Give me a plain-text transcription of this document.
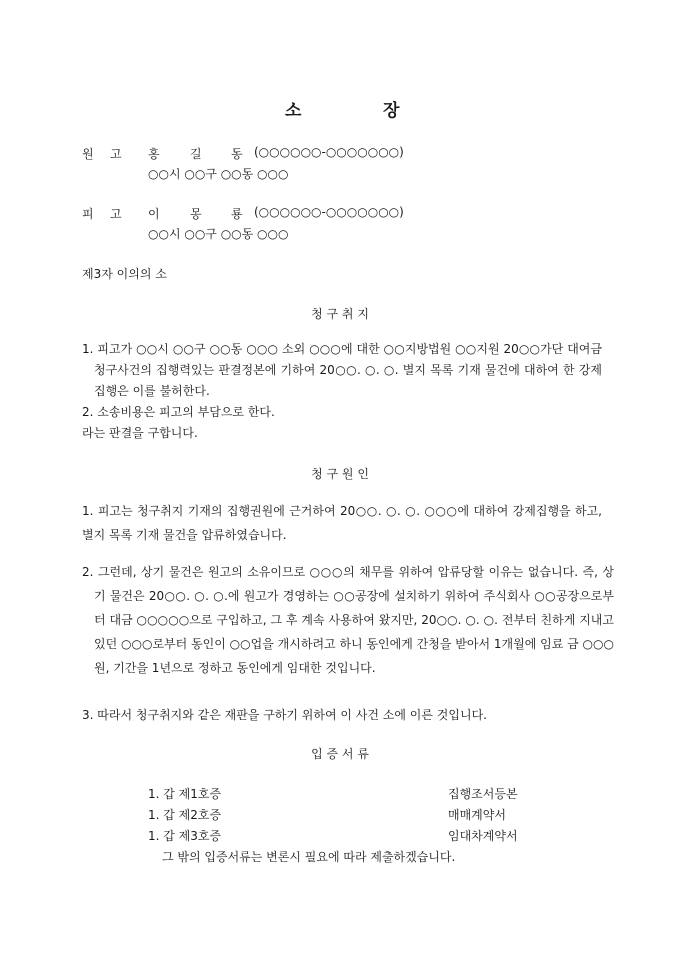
소	장
원 고 홍	길 동 (○○○○○○-○○○○○○○)
○○시 ○○구 ○○동 ○○○
피 고 이	몽 룡 (○○○○○○-○○○○○○○)
○○시 ○○구 ○○동 ○○○
제3자 이의의 소
청 구 취 지
1. 피고가 ○○시 ○○구 ○○동 ○○○ 소외 ○○○에 대한 ○○지방법원 ○○지원 20○○가단 대여금 청구사건의 집행력있는 판결정본에 기하여 20○○. ○. ○. 별지 목록 기재 물건에 대하여 한 강제집행은 이를 불허한다.
2. 소송비용은 피고의 부담으로 한다.
라는 판결을 구합니다.
청 구 원 인
1. 피고는 청구취지 기재의 집행권원에 근거하여 20○○. ○. ○. ○○○에 대하여 강제집행을 하고, 별지 목록 기재 물건을 압류하였습니다.
2. 그런데, 상기 물건은 원고의 소유이므로 ○○○의 채무를 위하여 압류당할 이유는 없습니다. 즉, 상기 물건은 20○○. ○. ○.에 원고가 경영하는 ○○공장에 설치하기 위하여 주식회사 ○○공장으로부터 대금 ○○○○○으로 구입하고, 그 후 계속 사용하여 왔지만, 20○○. ○. ○. 전부터 친하게 지내고 있던 ○○○로부터 동인이 ○○업을 개시하려고 하니 동인에게 간청을 받아서 1개월에 임료 금 ○○○원, 기간을 1년으로 정하고 동인에게 임대한 것입니다.
3. 따라서 청구취지와 같은 재판을 구하기 위하여 이 사건 소에 이른 것입니다.
입 증 서 류
1. 갑 제1호증	집행조서등본
1. 갑 제2호증	매매계약서
1. 갑 제3호증	임대차계약서
그 밖의 입증서류는 변론시 필요에 따라 제출하겠습니다.
